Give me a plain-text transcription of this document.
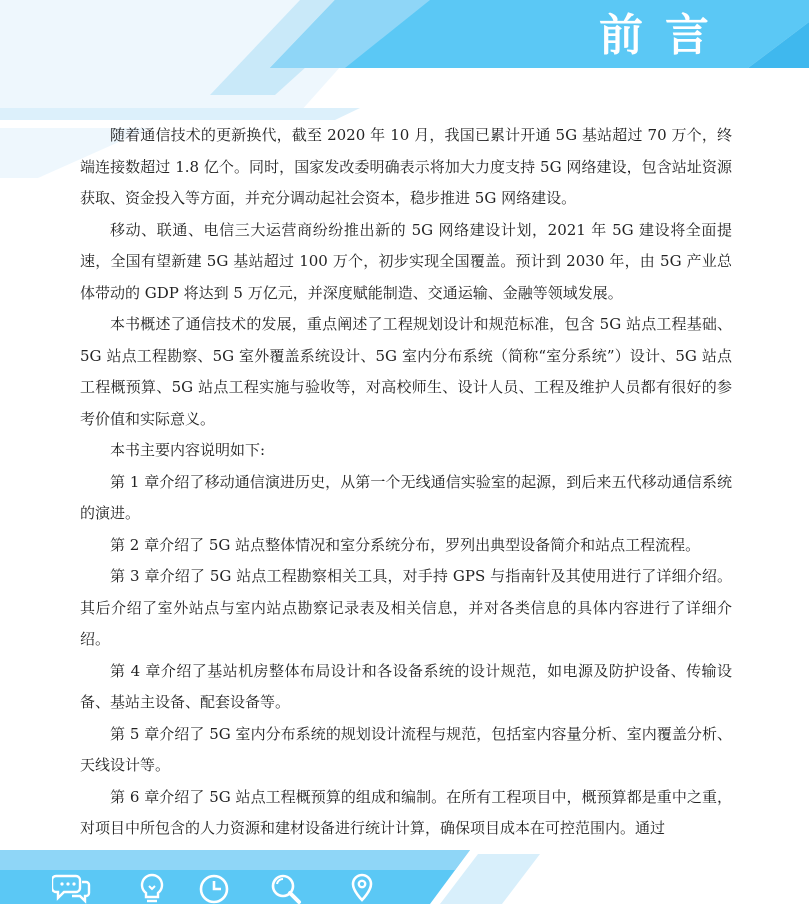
前言

随着通信技术的更新换代，截至 2020 年 10 月，我国已累计开通 5G 基站超过 70 万个，终端连接数超过 1.8 亿个。同时，国家发改委明确表示将加大力度支持 5G 网络建设，包含站址资源获取、资金投入等方面，并充分调动起社会资本，稳步推进 5G 网络建设。

移动、联通、电信三大运营商纷纷推出新的 5G 网络建设计划，2021 年 5G 建设将全面提速，全国有望新建 5G 基站超过 100 万个，初步实现全国覆盖。预计到 2030 年，由 5G 产业总体带动的 GDP 将达到 5 万亿元，并深度赋能制造、交通运输、金融等领域发展。

本书概述了通信技术的发展，重点阐述了工程规划设计和规范标准，包含 5G 站点工程基础、5G 站点工程勘察、5G 室外覆盖系统设计、5G 室内分布系统（简称“室分系统”）设计、5G 站点工程概预算、5G 站点工程实施与验收等，对高校师生、设计人员、工程及维护人员都有很好的参考价值和实际意义。

本书主要内容说明如下:

第 1 章介绍了移动通信演进历史，从第一个无线通信实验室的起源，到后来五代移动通信系统的演进。

第 2 章介绍了 5G 站点整体情况和室分系统分布，罗列出典型设备简介和站点工程流程。

第 3 章介绍了 5G 站点工程勘察相关工具，对手持 GPS 与指南针及其使用进行了详细介绍。其后介绍了室外站点与室内站点勘察记录表及相关信息，并对各类信息的具体内容进行了详细介绍。

第 4 章介绍了基站机房整体布局设计和各设备系统的设计规范，如电源及防护设备、传输设备、基站主设备、配套设备等。

第 5 章介绍了 5G 室内分布系统的规划设计流程与规范，包括室内容量分析、室内覆盖分析、天线设计等。

第 6 章介绍了 5G 站点工程概预算的组成和编制。在所有工程项目中，概预算都是重中之重，对项目中所包含的人力资源和建材设备进行统计计算，确保项目成本在可控范围内。通过
